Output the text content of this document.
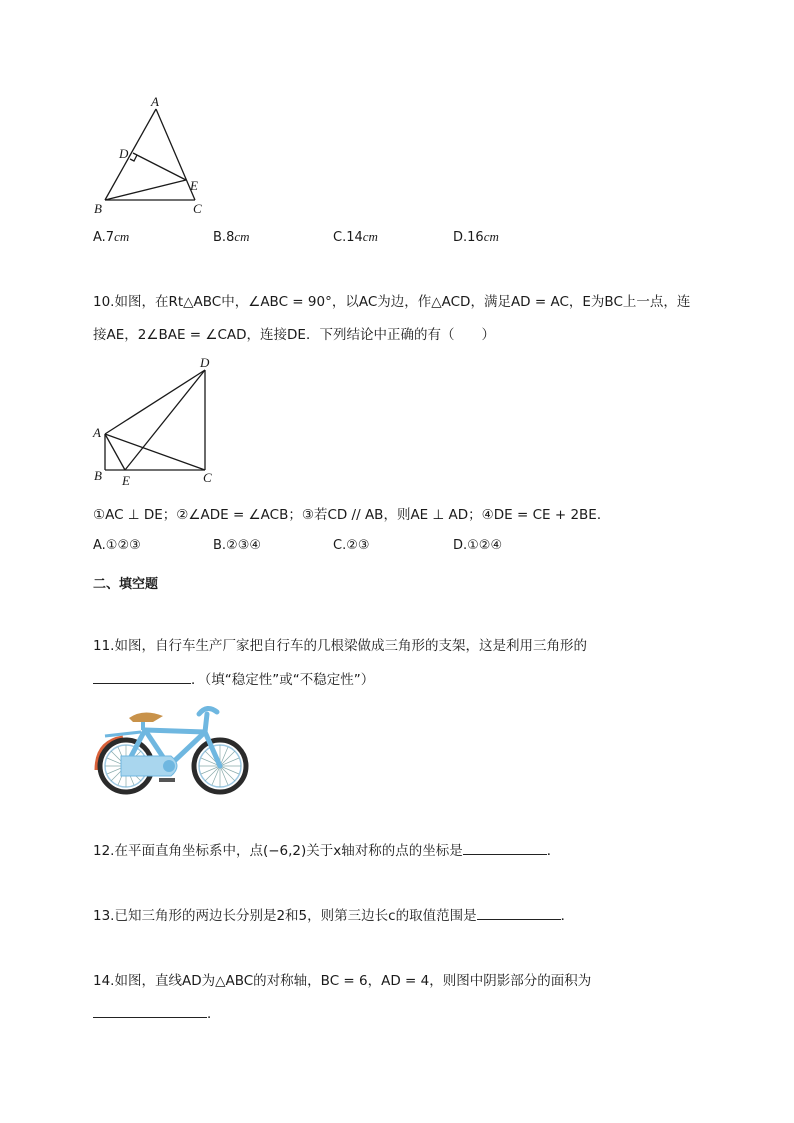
A
D
E
B	C
A.7cm	B.8cm	C.14cm	D.16cm
10.如图，在Rt△ABC中，∠ABC = 90°，以AC为边，作△ACD，满足AD = AC，E为BC上一点，连
接AE，2∠BAE = ∠CAD，连接DE．下列结论中正确的有（　　）
D
A
B E	C
①AC ⊥ DE；②∠ADE = ∠ACB；③若CD // AB，则AE ⊥ AD；④DE = CE + 2BE．
A.①②③	B.②③④	C.②③	D.①②④
二、填空题
11.如图，自行车生产厂家把自行车的几根梁做成三角形的支架，这是利用三角形的
．（填“稳定性”或“不稳定性”）
12.在平面直角坐标系中，点(−6,2)关于x轴对称的点的坐标是	．
13.已知三角形的两边长分别是2和5，则第三边长c的取值范围是	．
14.如图，直线AD为△ABC的对称轴，BC = 6，AD = 4，则图中阴影部分的面积为
．
